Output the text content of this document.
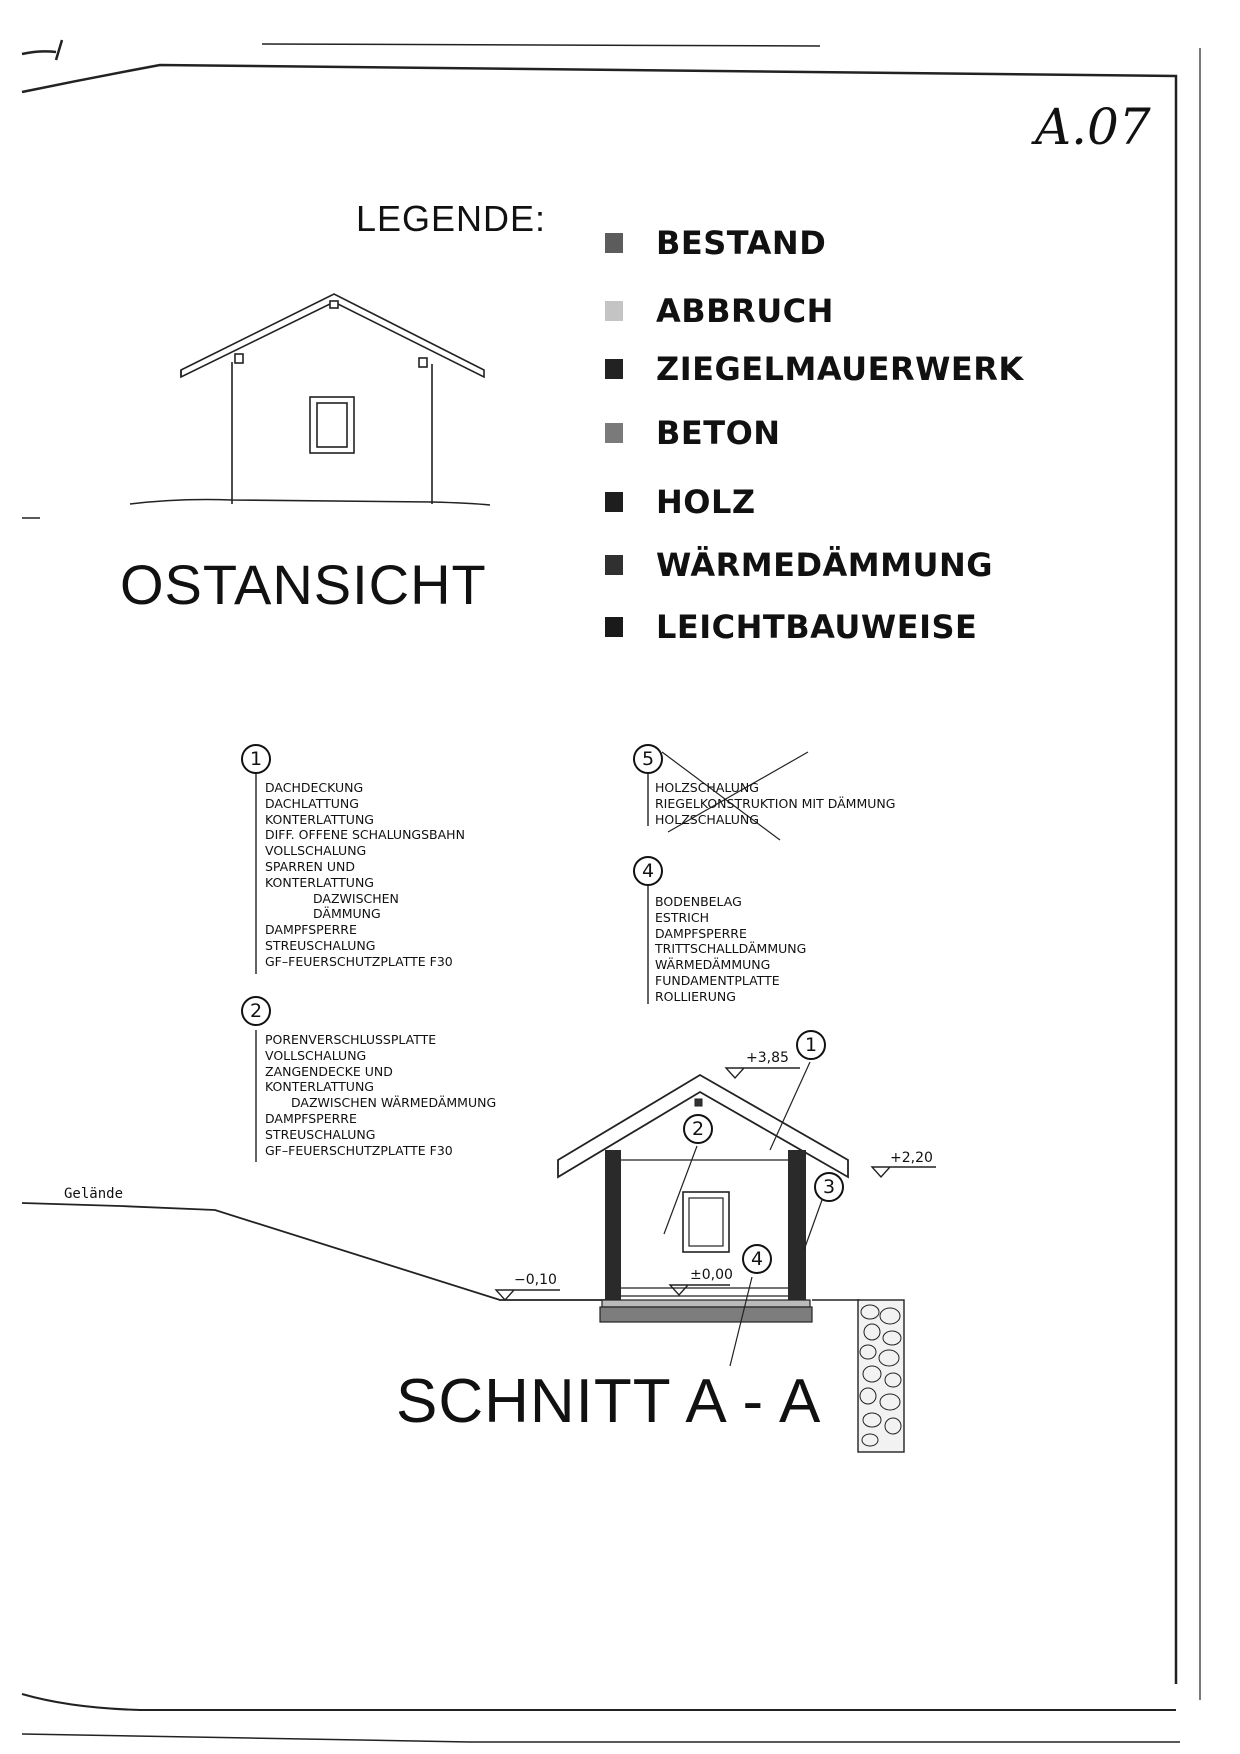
A.07
LEGENDE:
BESTAND
ABBRUCH
ZIEGELMAUERWERK
BETON
HOLZ
WÄRMEDÄMMUNG
LEICHTBAUWEISE
OSTANSICHT
SCHNITT A - A
1
DACHDECKUNG
DACHLATTUNG
KONTERLATTUNG
DIFF. OFFENE SCHALUNGSBAHN
VOLLSCHALUNG
SPARREN UND
KONTERLATTUNG
DAZWISCHEN
DÄMMUNG
DAMPFSPERRE
STREUSCHALUNG
GF–FEUERSCHUTZPLATTE F30
2
PORENVERSCHLUSSPLATTE
VOLLSCHALUNG
ZANGENDECKE UND
KONTERLATTUNG
DAZWISCHEN WÄRMEDÄMMUNG
DAMPFSPERRE
STREUSCHALUNG
GF–FEUERSCHUTZPLATTE F30
5
HOLZSCHALUNG
RIEGELKONSTRUKTION MIT DÄMMUNG
HOLZSCHALUNG
4
BODENBELAG
ESTRICH
DAMPFSPERRE
TRITTSCHALLDÄMMUNG
WÄRMEDÄMMUNG
FUNDAMENTPLATTE
ROLLIERUNG
1
2
3
4
+3,85
+2,20
±0,00
−0,10
Gelände
